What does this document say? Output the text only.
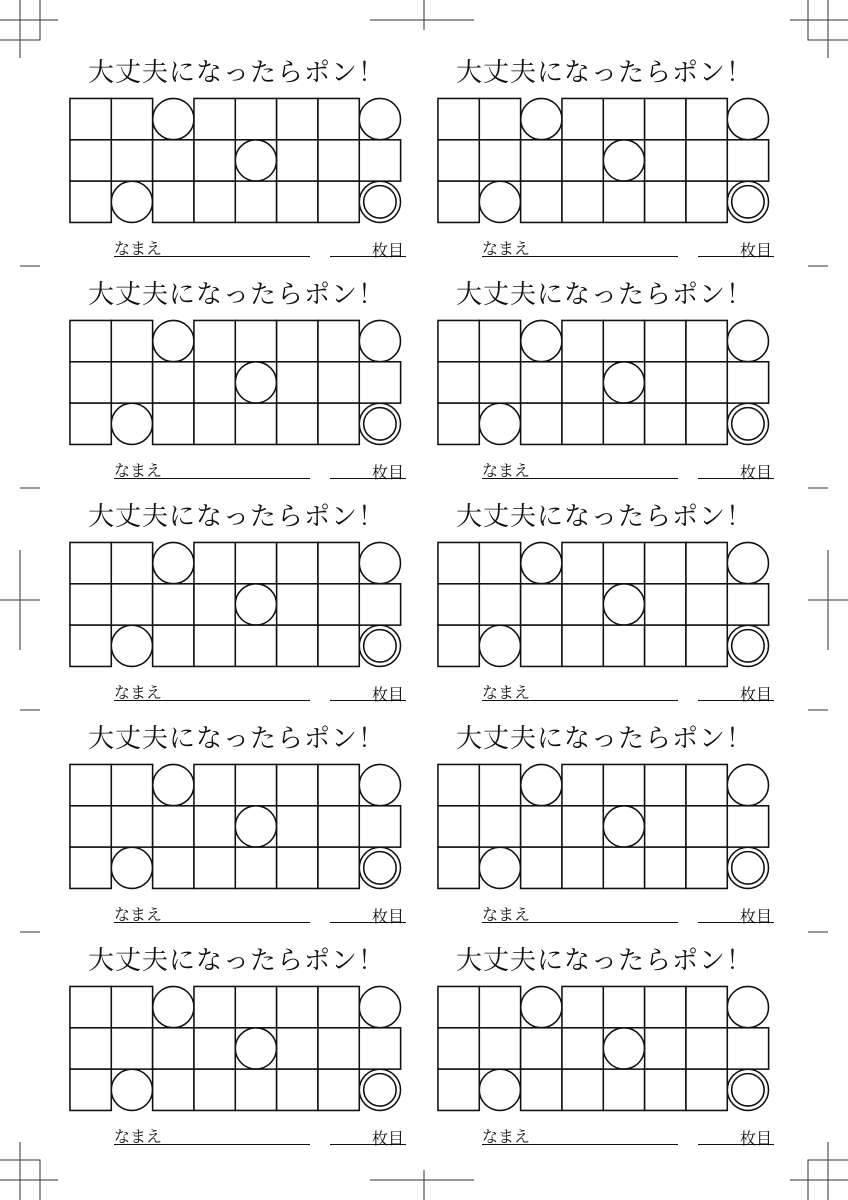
大丈夫になったらポン！
なまえ	枚目
大丈夫になったらポン！
なまえ	枚目
大丈夫になったらポン！
なまえ	枚目
大丈夫になったらポン！
なまえ	枚目
大丈夫になったらポン！
なまえ	枚目
大丈夫になったらポン！
なまえ	枚目
大丈夫になったらポン！
なまえ	枚目
大丈夫になったらポン！
なまえ	枚目
大丈夫になったらポン！
なまえ	枚目
大丈夫になったらポン！
なまえ	枚目
